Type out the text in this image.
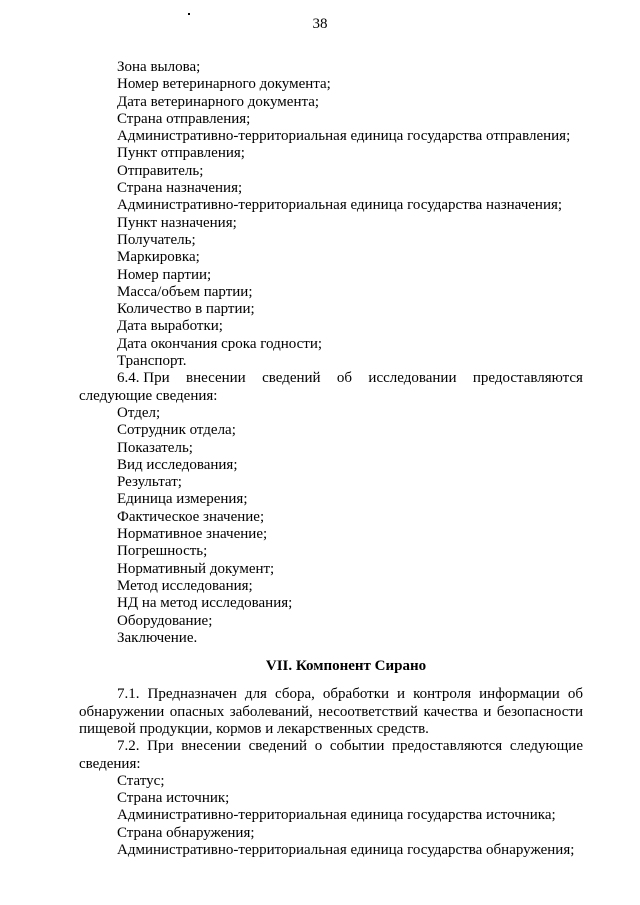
38
Зона вылова;
Номер ветеринарного документа;
Дата ветеринарного документа;
Страна отправления;
Административно-территориальная единица государства отправления;
Пункт отправления;
Отправитель;
Страна назначения;
Административно-территориальная единица государства назначения;
Пункт назначения;
Получатель;
Маркировка;
Номер партии;
Масса/объем партии;
Количество в партии;
Дата выработки;
Дата окончания срока годности;
Транспорт.
6.4. При внесении сведений об исследовании предоставляются
следующие сведения:
Отдел;
Сотрудник отдела;
Показатель;
Вид исследования;
Результат;
Единица измерения;
Фактическое значение;
Нормативное значение;
Погрешность;
Нормативный документ;
Метод исследования;
НД на метод исследования;
Оборудование;
Заключение.
VII. Компонент Сирано
7.1. Предназначен для сбора, обработки и контроля информации об обнаружении опасных заболеваний, несоответствий качества и безопасности пищевой продукции, кормов и лекарственных средств.
7.2. При внесении сведений о событии предоставляются следующие сведения:
Статус;
Страна источник;
Административно-территориальная единица государства источника;
Страна обнаружения;
Административно-территориальная единица государства обнаружения;
